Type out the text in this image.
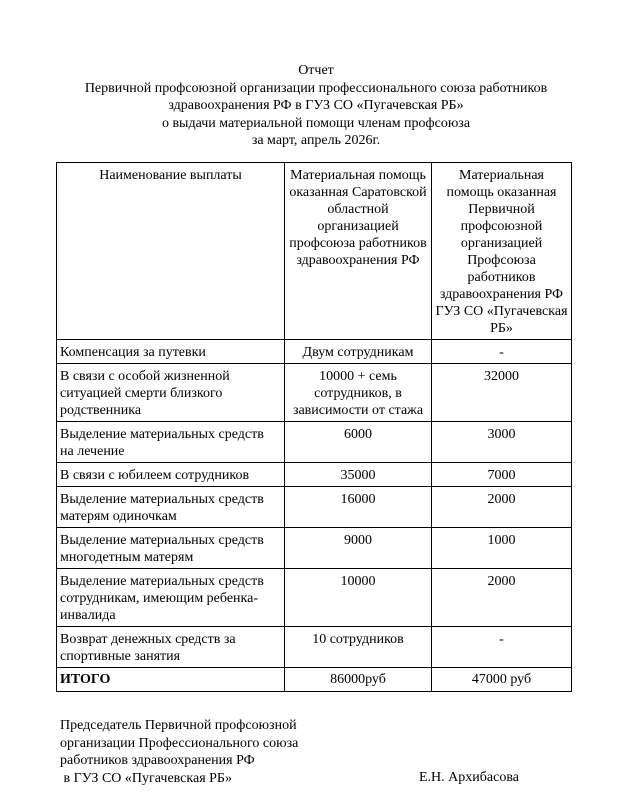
Отчет
Первичной профсоюзной организации профессионального союза работников
здравоохранения РФ в ГУЗ СО «Пугачевская РБ»
о выдачи материальной помощи членам профсоюза
за март, апрель 2026г.
Наименование выплаты	Материальная помощь оказанная Саратовской областной организацией профсоюза работников здравоохранения РФ	Материальная помощь оказанная Первичной профсоюзной организацией Профсоюза работников здравоохранения РФ ГУЗ СО «Пугачевская РБ»
Компенсация за путевки	Двум сотрудникам	-
В связи с особой жизненной ситуацией смерти близкого родственника	10000 + семь сотрудников, в зависимости от стажа	32000
Выделение материальных средств на лечение	6000	3000
В связи с юбилеем сотрудников	35000	7000
Выделение материальных средств матерям одиночкам	16000	2000
Выделение материальных средств многодетным матерям	9000	1000
Выделение материальных средств сотрудникам, имеющим ребенка-инвалида	10000	2000
Возврат денежных средств за спортивные занятия	10 сотрудников	-
ИТОГО	86000руб	47000 руб
Председатель Первичной профсоюзной
организации Профессионального союза
работников здравоохранения РФ
в ГУЗ СО «Пугачевская РБ»	Е.Н. Архибасова
